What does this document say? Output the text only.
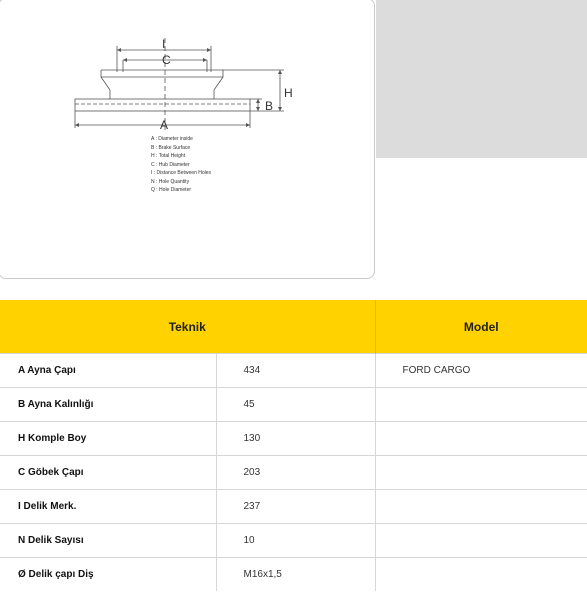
I
C
H
B
A
A : Diameter inside
B : Brake Surface
H : Total Height
C : Hub Diameter
I : Distance Between Holes
N : Hole Quantity
Q : Hole Diameter
Teknik		Model
A Ayna Çapı	434	FORD CARGO
B Ayna Kalınlığı	45	
H Komple Boy	130	
C Göbek Çapı	203	
I Delik Merk.	237	
N Delik Sayısı	10	
Ø Delik çapı Diş	M16x1,5	
